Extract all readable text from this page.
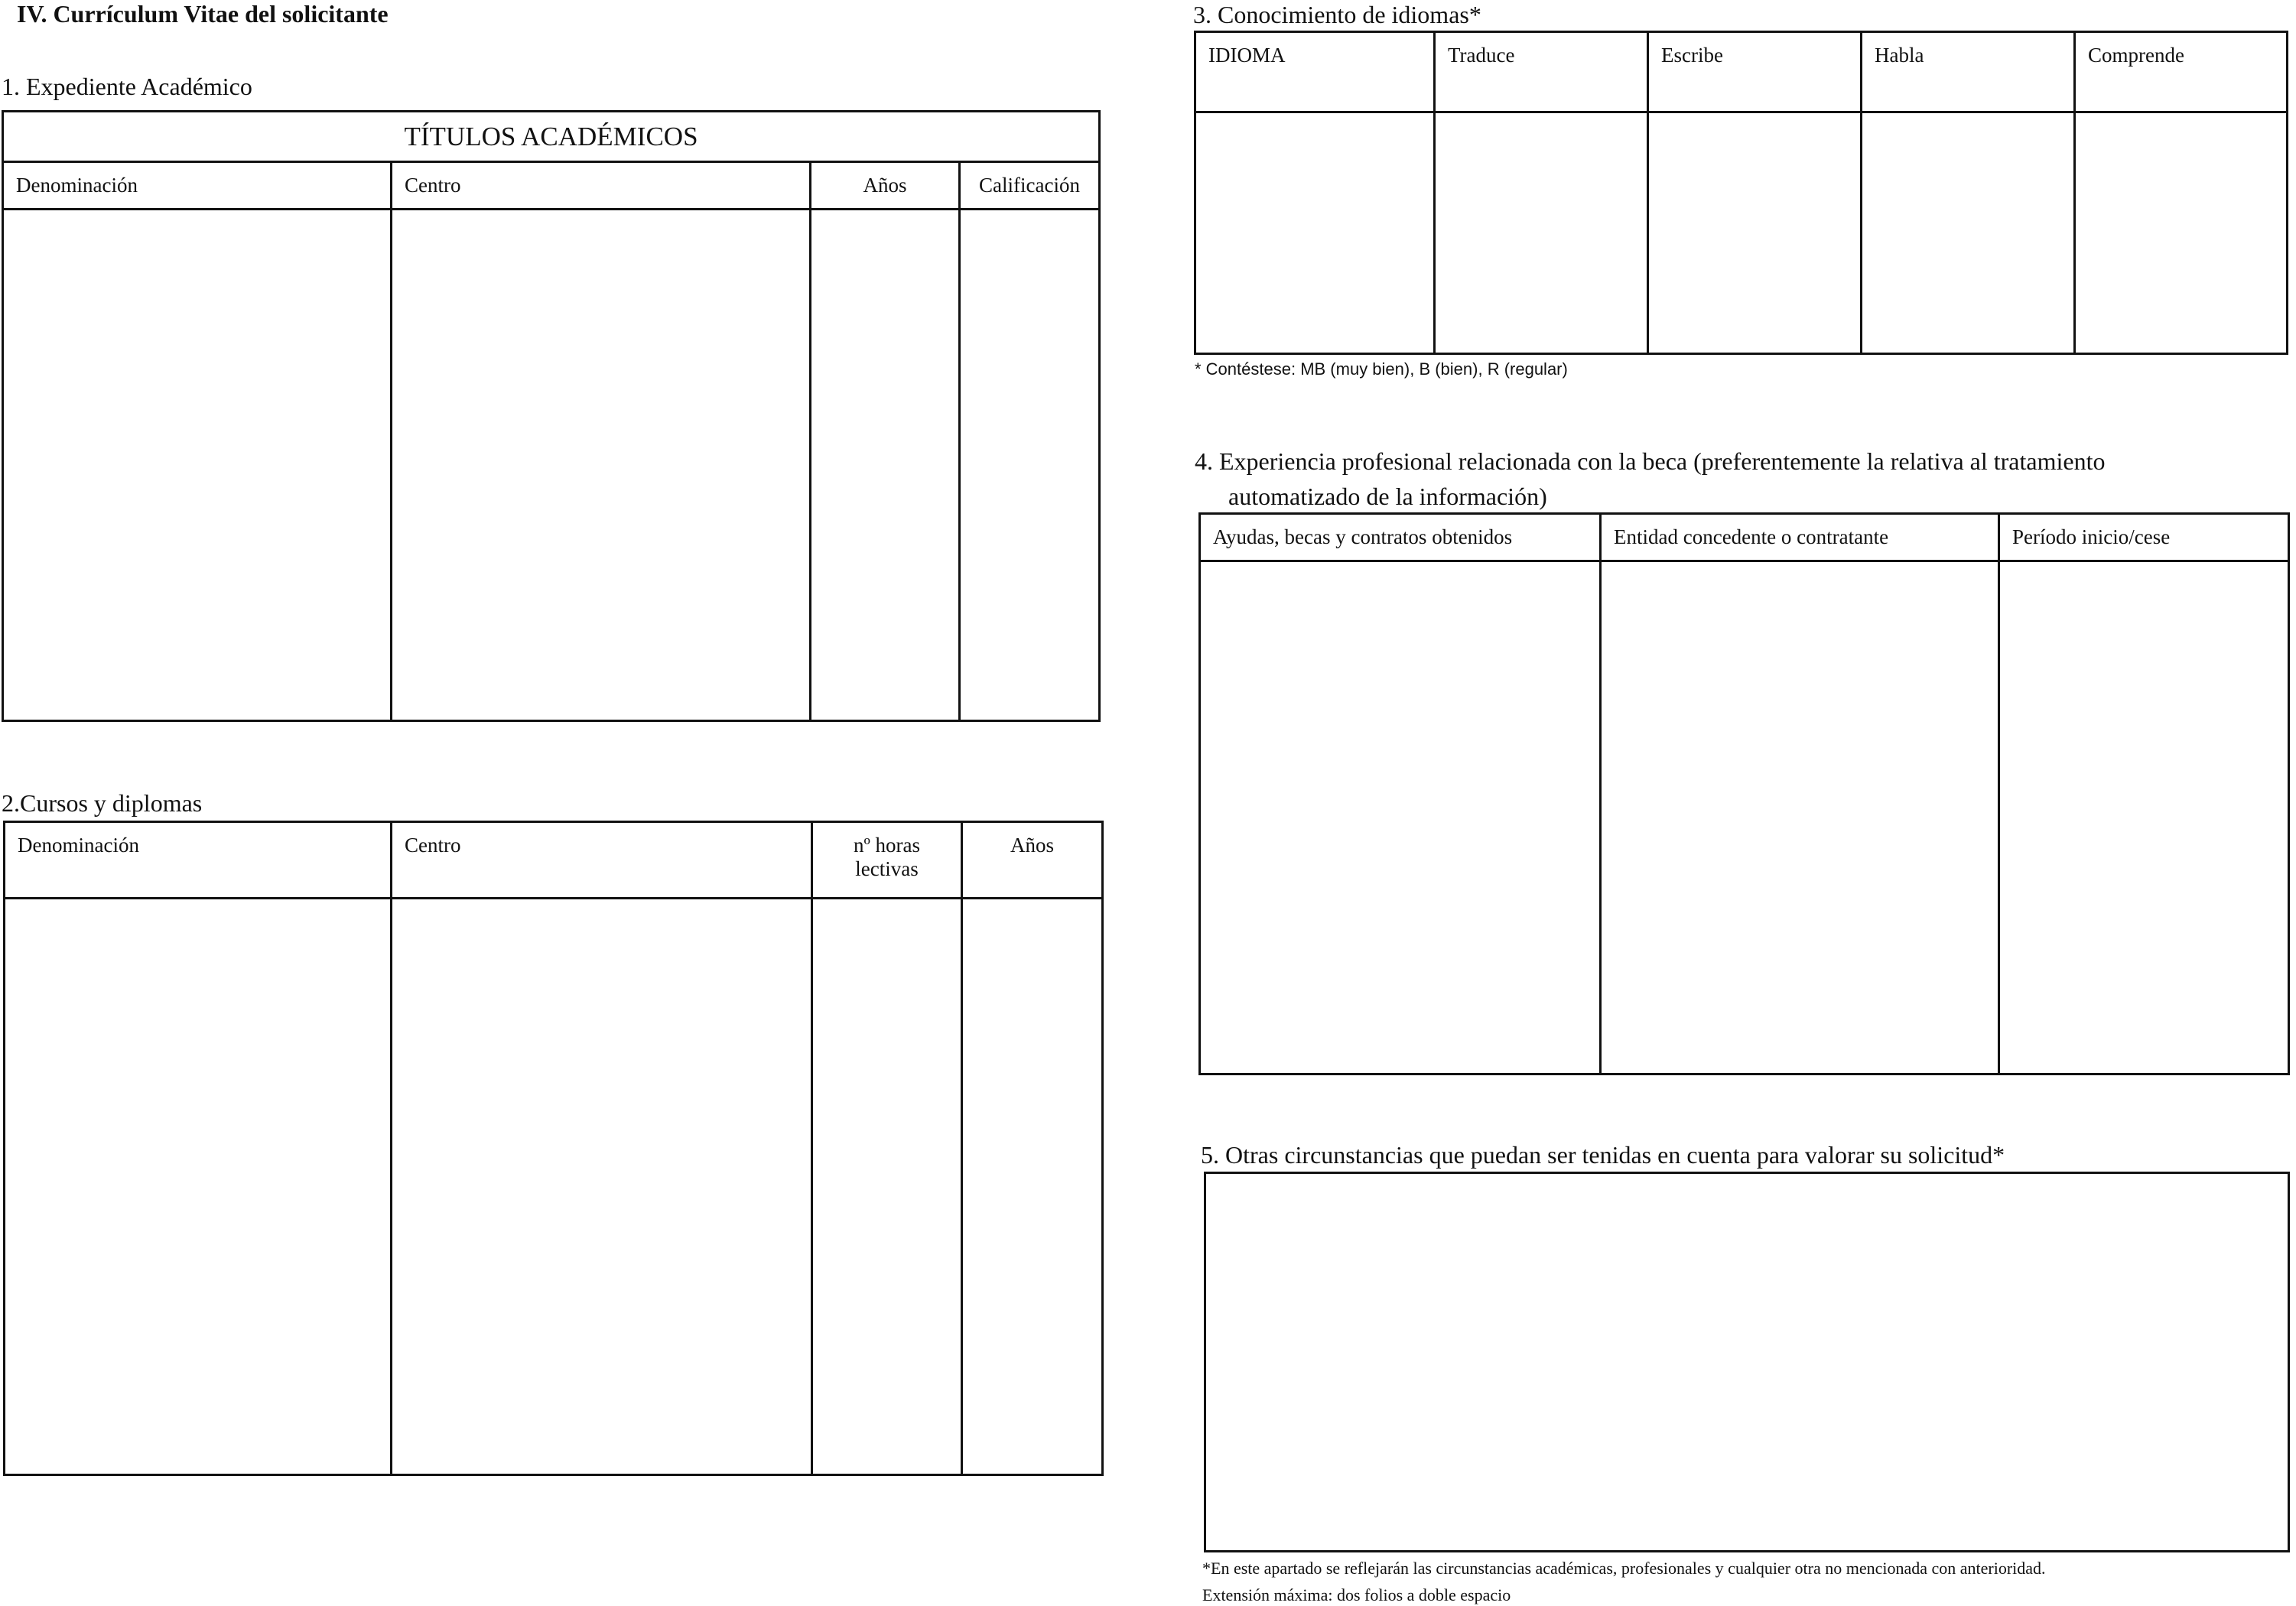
IV. Currículum Vitae del solicitante
1. Expediente Académico
TÍTULOS ACADÉMICOS			
Denominación	Centro	Años	Calificación

2.Cursos y diplomas
Denominación	Centro	nº horas lectivas	Años

3. Conocimiento de idiomas*
IDIOMA	Traduce	Escribe	Habla	Comprende

* Contéstese: MB (muy bien), B (bien), R (regular)
4. Experiencia profesional relacionada con la beca (preferentemente la relativa al tratamiento
automatizado de la información)
Ayudas, becas y contratos obtenidos	Entidad concedente o contratante	Período inicio/cese

5. Otras circunstancias que puedan ser tenidas en cuenta para valorar su solicitud*
*En este apartado se reflejarán las circunstancias académicas, profesionales y cualquier otra no mencionada con anterioridad.
Extensión máxima: dos folios a doble espacio
